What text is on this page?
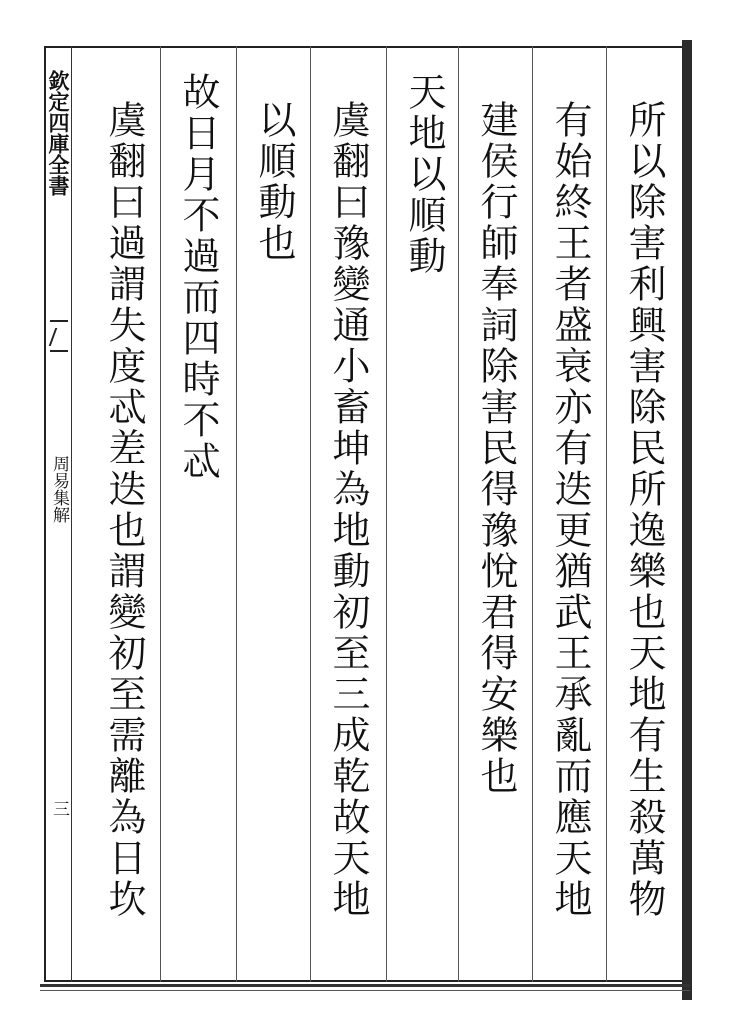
欽定四庫全書
周易集解
三	所以除害利興害除民所逸樂也天地有生殺萬物
有始終王者盛衰亦有迭更猶武王承亂而應天地
建侯行師奉詞除害民得豫悅君得安樂也
天地以順動
虞翻曰豫變通小畜坤為地動初至三成乾故天地
以順動也
故日月不過而四時不忒
虞翻曰過謂失度忒差迭也謂變初至需離為日坎
